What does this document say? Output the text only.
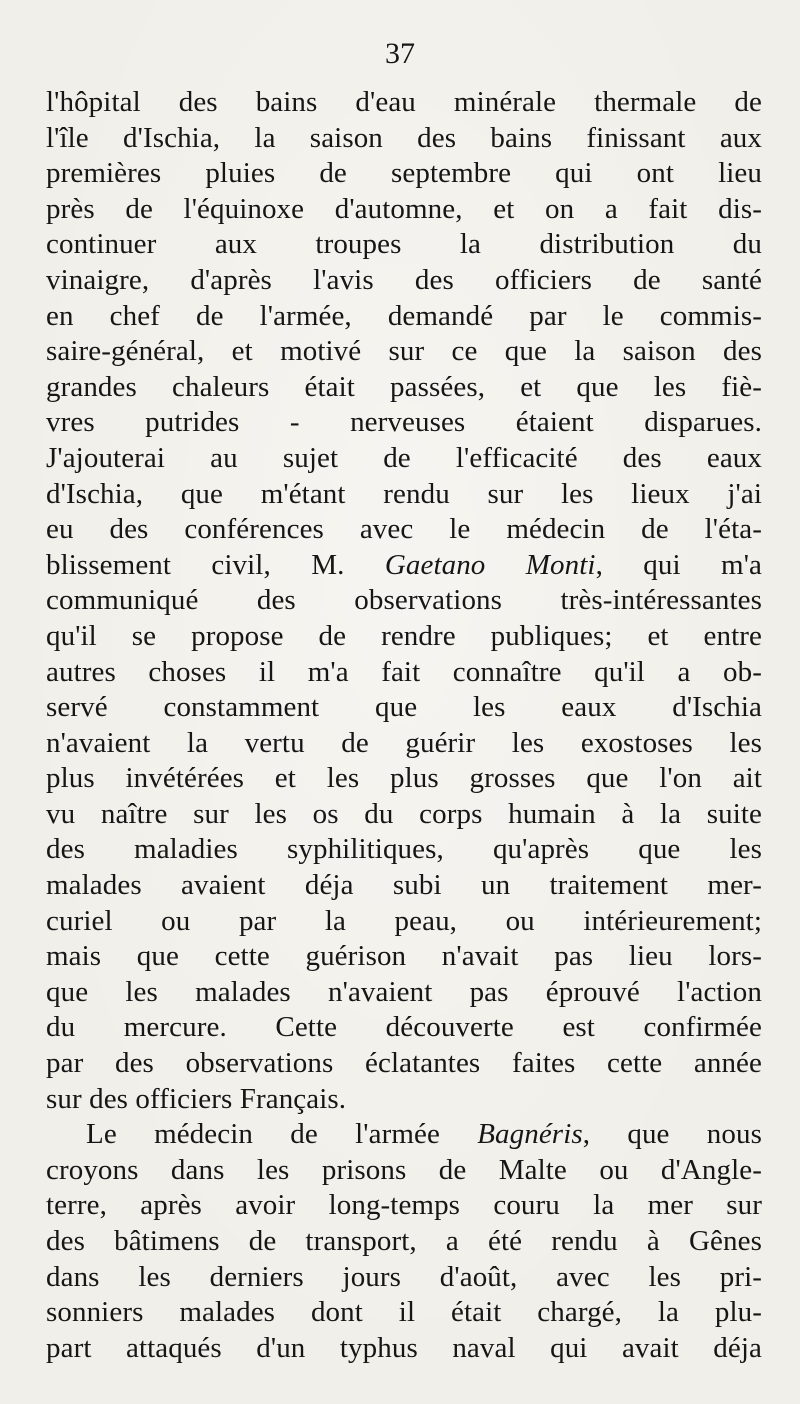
37
l'hôpital des bains d'eau minérale thermale de
l'île d'Ischia, la saison des bains finissant aux
premières pluies de septembre qui ont lieu
près de l'équinoxe d'automne, et on a fait dis-
continuer aux troupes la distribution du
vinaigre, d'après l'avis des officiers de santé
en chef de l'armée, demandé par le commis-
saire-général, et motivé sur ce que la saison des
grandes chaleurs était passées, et que les fiè-
vres putrides - nerveuses étaient disparues.
J'ajouterai au sujet de l'efficacité des eaux
d'Ischia, que m'étant rendu sur les lieux j'ai
eu des conférences avec le médecin de l'éta-
blissement civil, M. Gaetano Monti, qui m'a
communiqué des observations très-intéressantes
qu'il se propose de rendre publiques; et entre
autres choses il m'a fait connaître qu'il a ob-
servé constamment que les eaux d'Ischia
n'avaient la vertu de guérir les exostoses les
plus invétérées et les plus grosses que l'on ait
vu naître sur les os du corps humain à la suite
des maladies syphilitiques, qu'après que les
malades avaient déja subi un traitement mer-
curiel ou par la peau, ou intérieurement;
mais que cette guérison n'avait pas lieu lors-
que les malades n'avaient pas éprouvé l'action
du mercure. Cette découverte est confirmée
par des observations éclatantes faites cette année
sur des officiers Français.
Le médecin de l'armée Bagnéris, que nous
croyons dans les prisons de Malte ou d'Angle-
terre, après avoir long-temps couru la mer sur
des bâtimens de transport, a été rendu à Gênes
dans les derniers jours d'août, avec les pri-
sonniers malades dont il était chargé, la plu-
part attaqués d'un typhus naval qui avait déja
